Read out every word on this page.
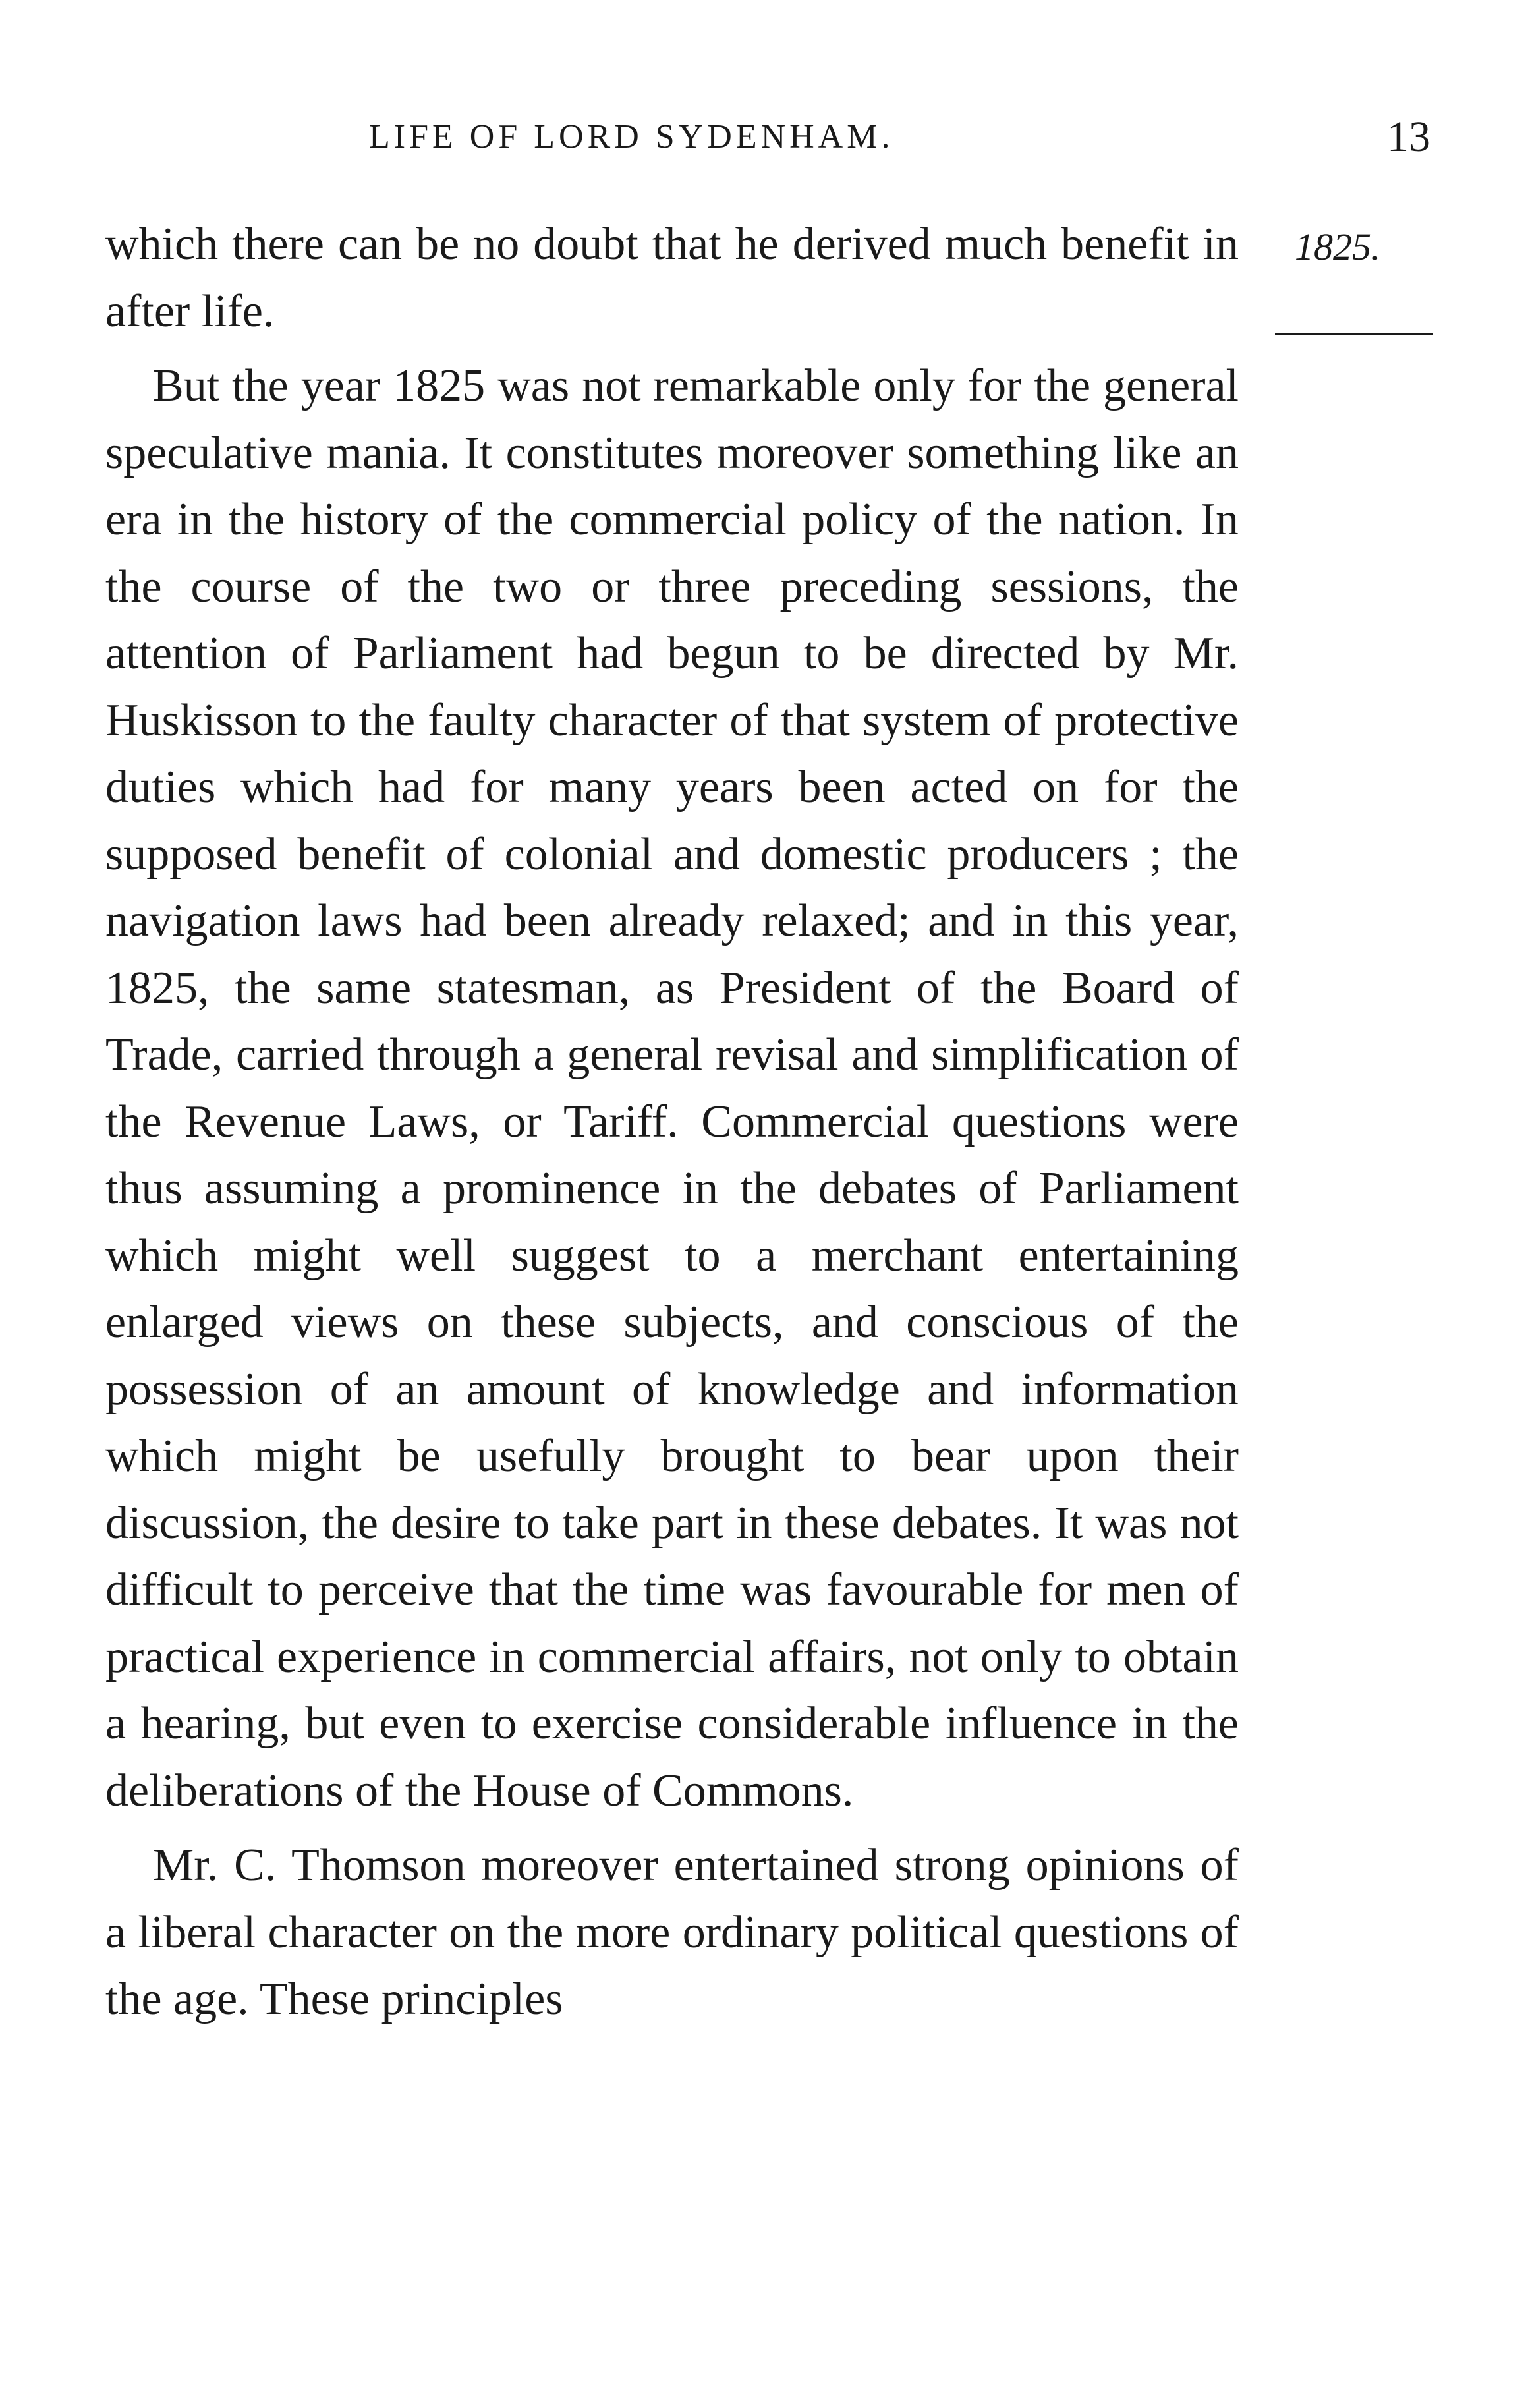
LIFE OF LORD SYDENHAM.	13
1825.

which there can be no doubt that he derived much benefit in after life.

But the year 1825 was not remarkable only for the general speculative mania. It constitutes moreover something like an era in the history of the commercial policy of the nation. In the course of the two or three preceding sessions, the attention of Parliament had begun to be directed by Mr. Huskisson to the faulty character of that system of protective duties which had for many years been acted on for the supposed benefit of colonial and domestic producers ; the navigation laws had been already relaxed; and in this year, 1825, the same statesman, as President of the Board of Trade, carried through a general revisal and simplification of the Revenue Laws, or Tariff. Commercial questions were thus assuming a prominence in the debates of Parliament which might well suggest to a merchant entertaining enlarged views on these subjects, and conscious of the possession of an amount of knowledge and information which might be usefully brought to bear upon their discussion, the desire to take part in these debates. It was not difficult to perceive that the time was favourable for men of practical experience in commercial affairs, not only to obtain a hearing, but even to exercise considerable influence in the deliberations of the House of Commons.

Mr. C. Thomson moreover entertained strong opinions of a liberal character on the more ordinary political questions of the age. These principles
